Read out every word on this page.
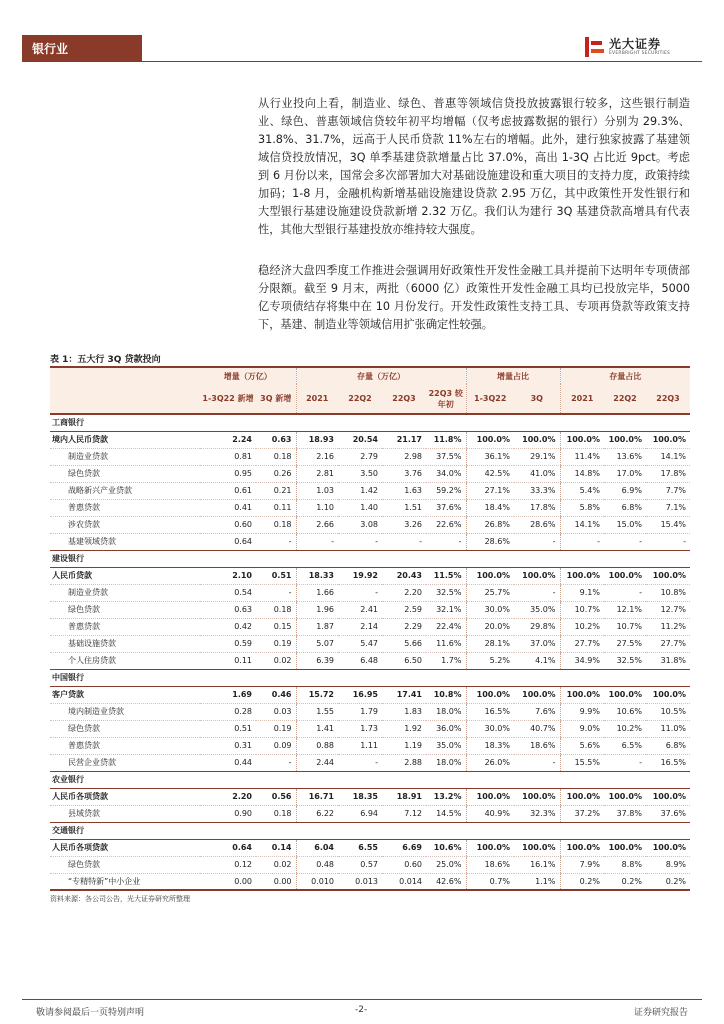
银行业	光大证券
EVERBRIGHT SECURITIES

从行业投向上看，制造业、绿色、普惠等领域信贷投放披露银行较多，这些银行制造业、绿色、普惠领域信贷较年初平均增幅（仅考虑披露数据的银行）分别为 29.3%、31.8%、31.7%，远高于人民币贷款 11%左右的增幅。此外，建行独家披露了基建领域信贷投放情况，3Q 单季基建贷款增量占比 37.0%，高出 1-3Q 占比近 9pct。考虑到 6 月份以来，国常会多次部署加大对基础设施建设和重大项目的支持力度，政策持续加码；1-8 月，金融机构新增基础设施建设贷款 2.95 万亿，其中政策性开发性银行和大型银行基建设施建设贷款新增 2.32 万亿。我们认为建行 3Q 基建贷款高增具有代表性，其他大型银行基建投放亦维持较大强度。

稳经济大盘四季度工作推进会强调用好政策性开发性金融工具并提前下达明年专项债部分限额。截至 9 月末，两批（6000 亿）政策性开发性金融工具均已投放完毕，5000 亿专项债结存将集中在 10 月份发行。开发性政策性支持工具、专项再贷款等政策支持下，基建、制造业等领域信用扩张确定性较强。

表 1：五大行 3Q 贷款投向
	增量（万亿）		存量（万亿）				增量占比		存量占比		
	1-3Q22 新增	3Q 新增	2021	22Q2	22Q3	22Q3 较年初	1-3Q22	3Q	2021	22Q2	22Q3
工商银行											
境内人民币贷款	2.24	0.63	18.93	20.54	21.17	11.8%	100.0%	100.0%	100.0%	100.0%	100.0%
制造业贷款	0.81	0.18	2.16	2.79	2.98	37.5%	36.1%	29.1%	11.4%	13.6%	14.1%
绿色贷款	0.95	0.26	2.81	3.50	3.76	34.0%	42.5%	41.0%	14.8%	17.0%	17.8%
战略新兴产业贷款	0.61	0.21	1.03	1.42	1.63	59.2%	27.1%	33.3%	5.4%	6.9%	7.7%
普惠贷款	0.41	0.11	1.10	1.40	1.51	37.6%	18.4%	17.8%	5.8%	6.8%	7.1%
涉农贷款	0.60	0.18	2.66	3.08	3.26	22.6%	26.8%	28.6%	14.1%	15.0%	15.4%
基建领域贷款	0.64	-	-	-	-	-	28.6%	-	-	-	-
建设银行											
人民币贷款	2.10	0.51	18.33	19.92	20.43	11.5%	100.0%	100.0%	100.0%	100.0%	100.0%
制造业贷款	0.54	-	1.66	-	2.20	32.5%	25.7%	-	9.1%	-	10.8%
绿色贷款	0.63	0.18	1.96	2.41	2.59	32.1%	30.0%	35.0%	10.7%	12.1%	12.7%
普惠贷款	0.42	0.15	1.87	2.14	2.29	22.4%	20.0%	29.8%	10.2%	10.7%	11.2%
基础设施贷款	0.59	0.19	5.07	5.47	5.66	11.6%	28.1%	37.0%	27.7%	27.5%	27.7%
个人住房贷款	0.11	0.02	6.39	6.48	6.50	1.7%	5.2%	4.1%	34.9%	32.5%	31.8%
中国银行											
客户贷款	1.69	0.46	15.72	16.95	17.41	10.8%	100.0%	100.0%	100.0%	100.0%	100.0%
境内制造业贷款	0.28	0.03	1.55	1.79	1.83	18.0%	16.5%	7.6%	9.9%	10.6%	10.5%
绿色贷款	0.51	0.19	1.41	1.73	1.92	36.0%	30.0%	40.7%	9.0%	10.2%	11.0%
普惠贷款	0.31	0.09	0.88	1.11	1.19	35.0%	18.3%	18.6%	5.6%	6.5%	6.8%
民营企业贷款	0.44	-	2.44	-	2.88	18.0%	26.0%	-	15.5%	-	16.5%
农业银行											
人民币各项贷款	2.20	0.56	16.71	18.35	18.91	13.2%	100.0%	100.0%	100.0%	100.0%	100.0%
县域贷款	0.90	0.18	6.22	6.94	7.12	14.5%	40.9%	32.3%	37.2%	37.8%	37.6%
交通银行											
人民币各项贷款	0.64	0.14	6.04	6.55	6.69	10.6%	100.0%	100.0%	100.0%	100.0%	100.0%
绿色贷款	0.12	0.02	0.48	0.57	0.60	25.0%	18.6%	16.1%	7.9%	8.8%	8.9%
“专精特新”中小企业	0.00	0.00	0.010	0.013	0.014	42.6%	0.7%	1.1%	0.2%	0.2%	0.2%
资料来源：各公司公告，光大证券研究所整理
敬请参阅最后一页特别声明	-2-	证券研究报告
